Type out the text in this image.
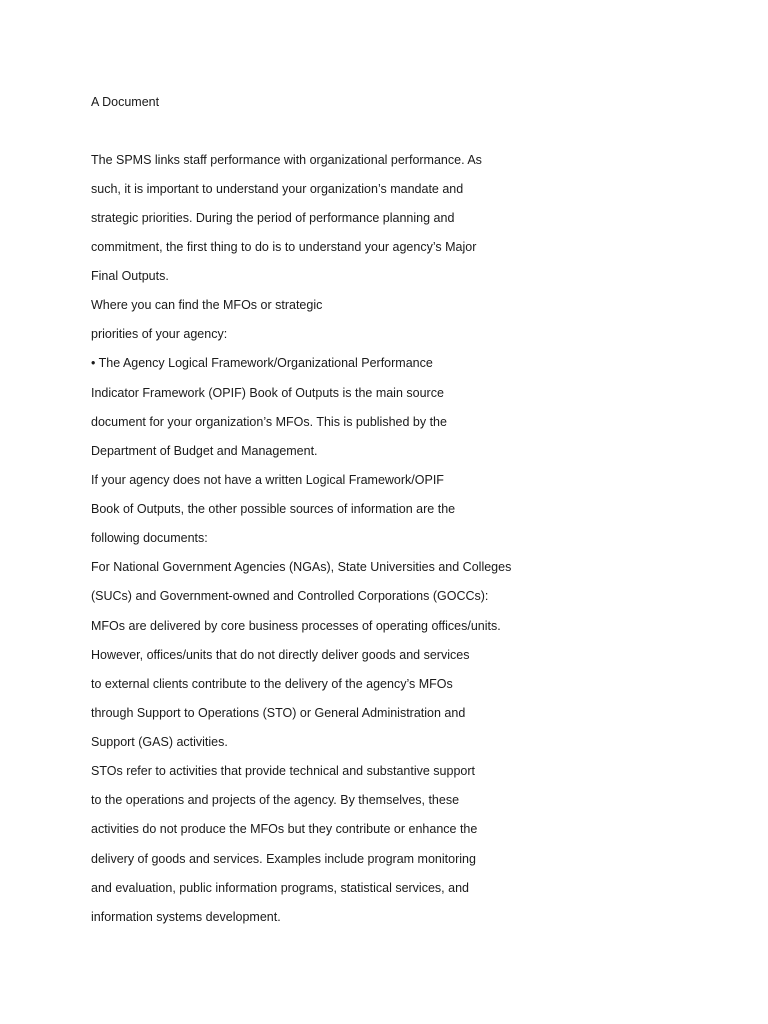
A Document
The SPMS links staff performance with organizational performance. As
such, it is important to understand your organization’s mandate and
strategic priorities. During the period of performance planning and
commitment, the first thing to do is to understand your agency’s Major
Final Outputs.
Where you can find the MFOs or strategic
priorities of your agency:
• The Agency Logical Framework/Organizational Performance
Indicator Framework (OPIF) Book of Outputs is the main source
document for your organization’s MFOs. This is published by the
Department of Budget and Management.
If your agency does not have a written Logical Framework/OPIF
Book of Outputs, the other possible sources of information are the
following documents:
For National Government Agencies (NGAs), State Universities and Colleges
(SUCs) and Government-owned and Controlled Corporations (GOCCs):
MFOs are delivered by core business processes of operating offices/units.
However, offices/units that do not directly deliver goods and services
to external clients contribute to the delivery of the agency’s MFOs
through Support to Operations (STO) or General Administration and
Support (GAS) activities.
STOs refer to activities that provide technical and substantive support
to the operations and projects of the agency. By themselves, these
activities do not produce the MFOs but they contribute or enhance the
delivery of goods and services. Examples include program monitoring
and evaluation, public information programs, statistical services, and
information systems development.
